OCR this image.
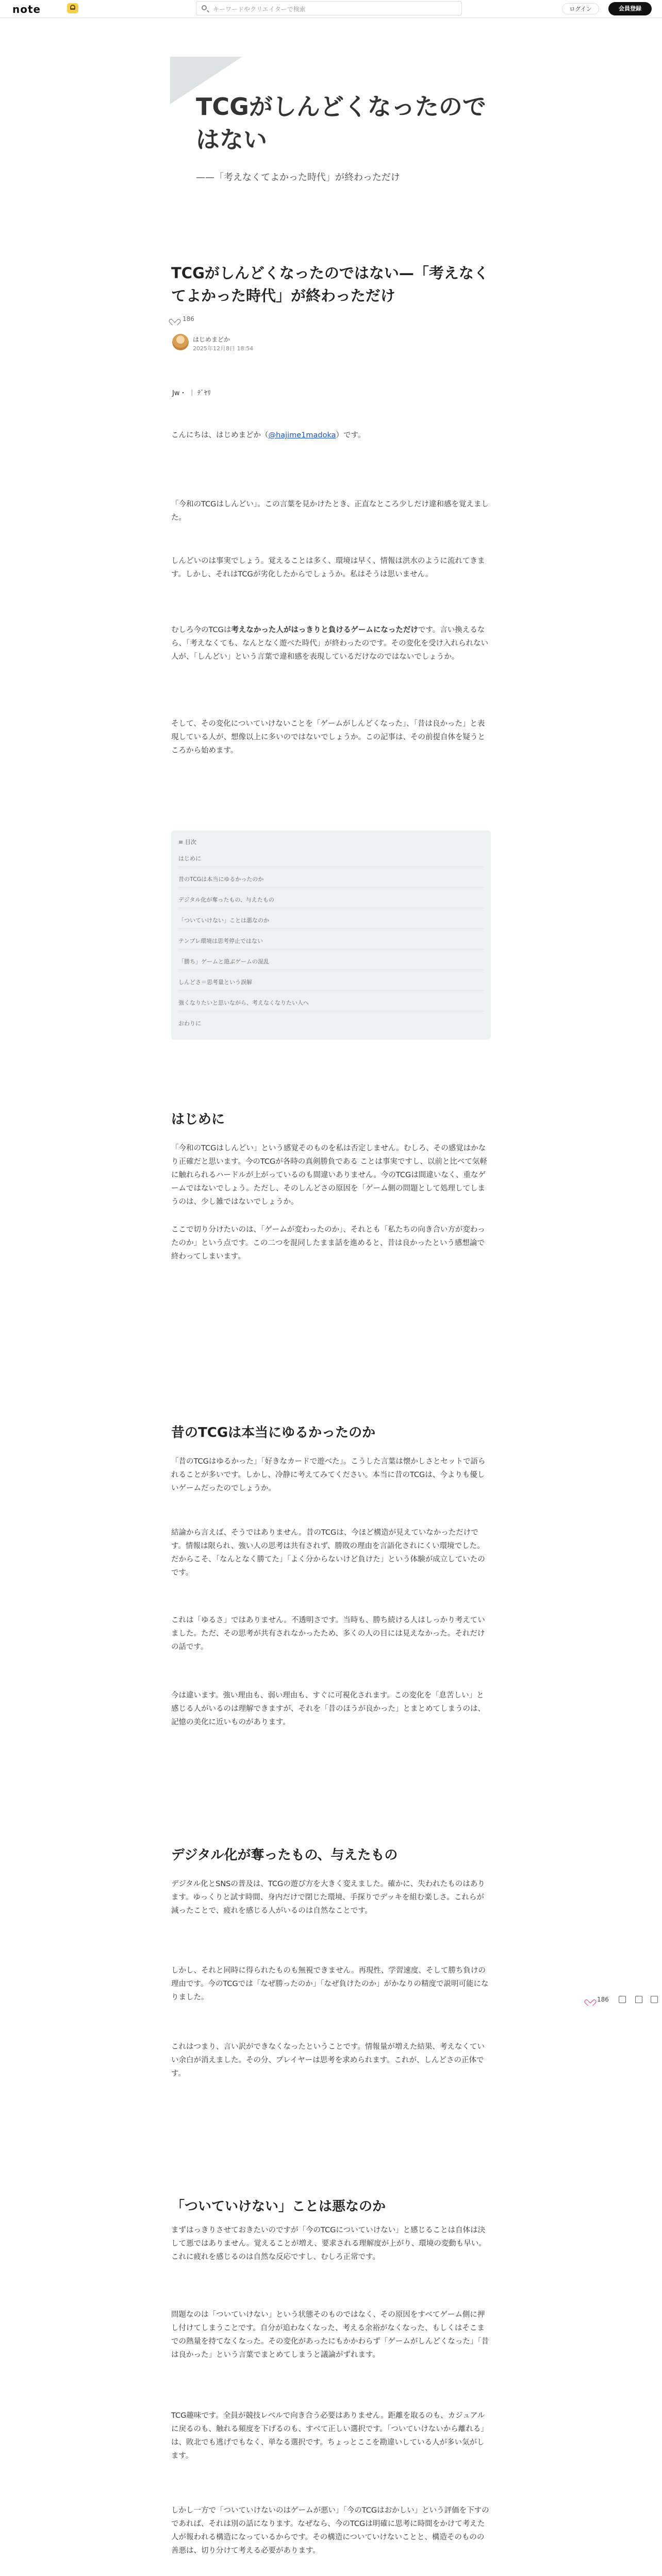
note	キーワードやクリエイターで検索	ログイン	会員登録
TCGがしんどくなったのではない
——「考えなくてよかった時代」が終わっただけ
TCGがしんどくなったのではない—「考えなくてよかった時代」が終わっただけ
186
はじめまどか
2025年12月8日 18:54
Jw・ ｜ ﾃﾞﾔﾘ

こんにちは、はじめまどか（@hajime1madoka）です。

「今和のTCGはしんどい」。この言葉を見かけたとき、正直なところ少しだけ違和感を覚えました。

しんどいのは事実でしょう。覚えることは多く、環境は早く、情報は洪水のように流れてきます。しかし、それはTCGが劣化したからでしょうか。私はそうは思いません。

むしろ今のTCGは考えなかった人がはっきりと負けるゲームになっただけです。言い換えるなら、「考えなくても、なんとなく遊べた時代」が終わったのです。その変化を受け入れられない人が、「しんどい」という言葉で違和感を表現しているだけなのではないでしょうか。

そして、その変化についていけないことを「ゲームがしんどくなった」、「昔は良かった」と表現している人が、想像以上に多いのではないでしょうか。この記事は、その前提自体を疑うところから始めます。

≡ 目次
はじめに
昔のTCGは本当にゆるかったのか
デジタル化が奪ったもの、与えたもの
「ついていけない」ことは悪なのか
テンプレ環境は思考停止ではない
「勝ち」ゲームと遊ぶゲームの混乱
しんどさ＝思考量という誤解
強くなりたいと思いながら、考えなくなりたい人へ
おわりに
はじめに

「今和のTCGはしんどい」という感覚そのものを私は否定しません。むしろ、その感覚はかなり正確だと思います。今のTCGが各時の真剣勝負である ことは事実ですし、以前と比べて気軽に触れられるハードルが上がっているのも間違いありません。今のTCGは間違いなく、重なゲームではないでしょう。ただし、そのしんどさの原因を「ゲーム側の問題として処理してしまうのは、少し雑ではないでしょうか。

ここで切り分けたいのは、「ゲームが変わったのか」、それとも「私たちの向き合い方が変わったのか」という点です。この二つを混同したまま話を進めると、昔は良かったという感想論で終わってしまいます。

昔のTCGは本当にゆるかったのか

「昔のTCGはゆるかった」「好きなカードで遊べた」。こうした言葉は懐かしさとセットで語られることが多いです。しかし、冷静に考えてみてください。本当に昔のTCGは、今よりも優しいゲームだったのでしょうか。

結論から言えば、そうではありません。昔のTCGは、今ほど構造が見えていなかっただけです。情報は限られ、強い人の思考は共有されず、勝敗の理由を言語化されにくい環境でした。だからこそ、「なんとなく勝てた」「よく分からないけど負けた」という体験が成立していたのです。

これは「ゆるさ」ではありません。不透明さです。当時も、勝ち続ける人はしっかり考えていました。ただ、その思考が共有されなかったため、多くの人の目には見えなかった。それだけの話です。

今は違います。強い理由も、弱い理由も、すぐに可視化されます。この変化を「息苦しい」と感じる人がいるのは理解できますが、それを「昔のほうが良かった」とまとめてしまうのは、記憶の美化に近いものがあります。

デジタル化が奪ったもの、与えたもの

デジタル化とSNSの普及は、TCGの遊び方を大きく変えました。確かに、失われたものはあります。ゆっくりと試す時間、身内だけで閉じた環境、手探りでデッキを組む楽しさ。これらが減ったことで、疲れを感じる人がいるのは自然なことです。

しかし、それと同時に得られたものも無視できません。再現性、学習速度、そして勝ち負けの理由です。今のTCGでは「なぜ勝ったのか」「なぜ負けたのか」がかなりの精度で説明可能になりました。

これはつまり、言い訳ができなくなったということです。情報量が増えた結果、考えなくていい余白が消えました。その分、プレイヤーは思考を求められます。これが、しんどさの正体です。

「ついていけない」ことは悪なのか

まずはっきりさせておきたいのですが「今のTCGについていけない」と感じることは自体は決して悪ではありません。覚えることが増え、要求される理解度が上がり、環境の変動も早い。これに疲れを感じるのは自然な反応ですし、むしろ正常です。

問題なのは「ついていけない」という状態そのものではなく、その原因をすべてゲーム側に押し付けてしまうことです。自分が追わなくなった、考える余裕がなくなった、もしくはそこまでの熱量を持てなくなった。その変化があったにもかかわらず「ゲームがしんどくなった」「昔は良かった」という言葉でまとめてしまうと議論がずれます。

TCG趣味です。全員が競技レベルで向き合う必要はありません。距離を取るのも、カジュアルに戻るのも、触れる頻度を下げるのも、すべて正しい選択です。「ついていけないから離れる」は、敗北でも逃げでもなく、単なる選択です。ちょっとここを勘違いしている人が多い気がします。

しかし一方で「ついていけないのはゲームが悪い」「今のTCGはおかしい」という評価を下すのであれば、それは別の話になります。なぜなら、今のTCGは明確に思考に時間をかけて考えた人が報われる構造になっているからです。その構造についていけないことと、構造そのものの善悪は、切り分けて考える必要があります。

186
